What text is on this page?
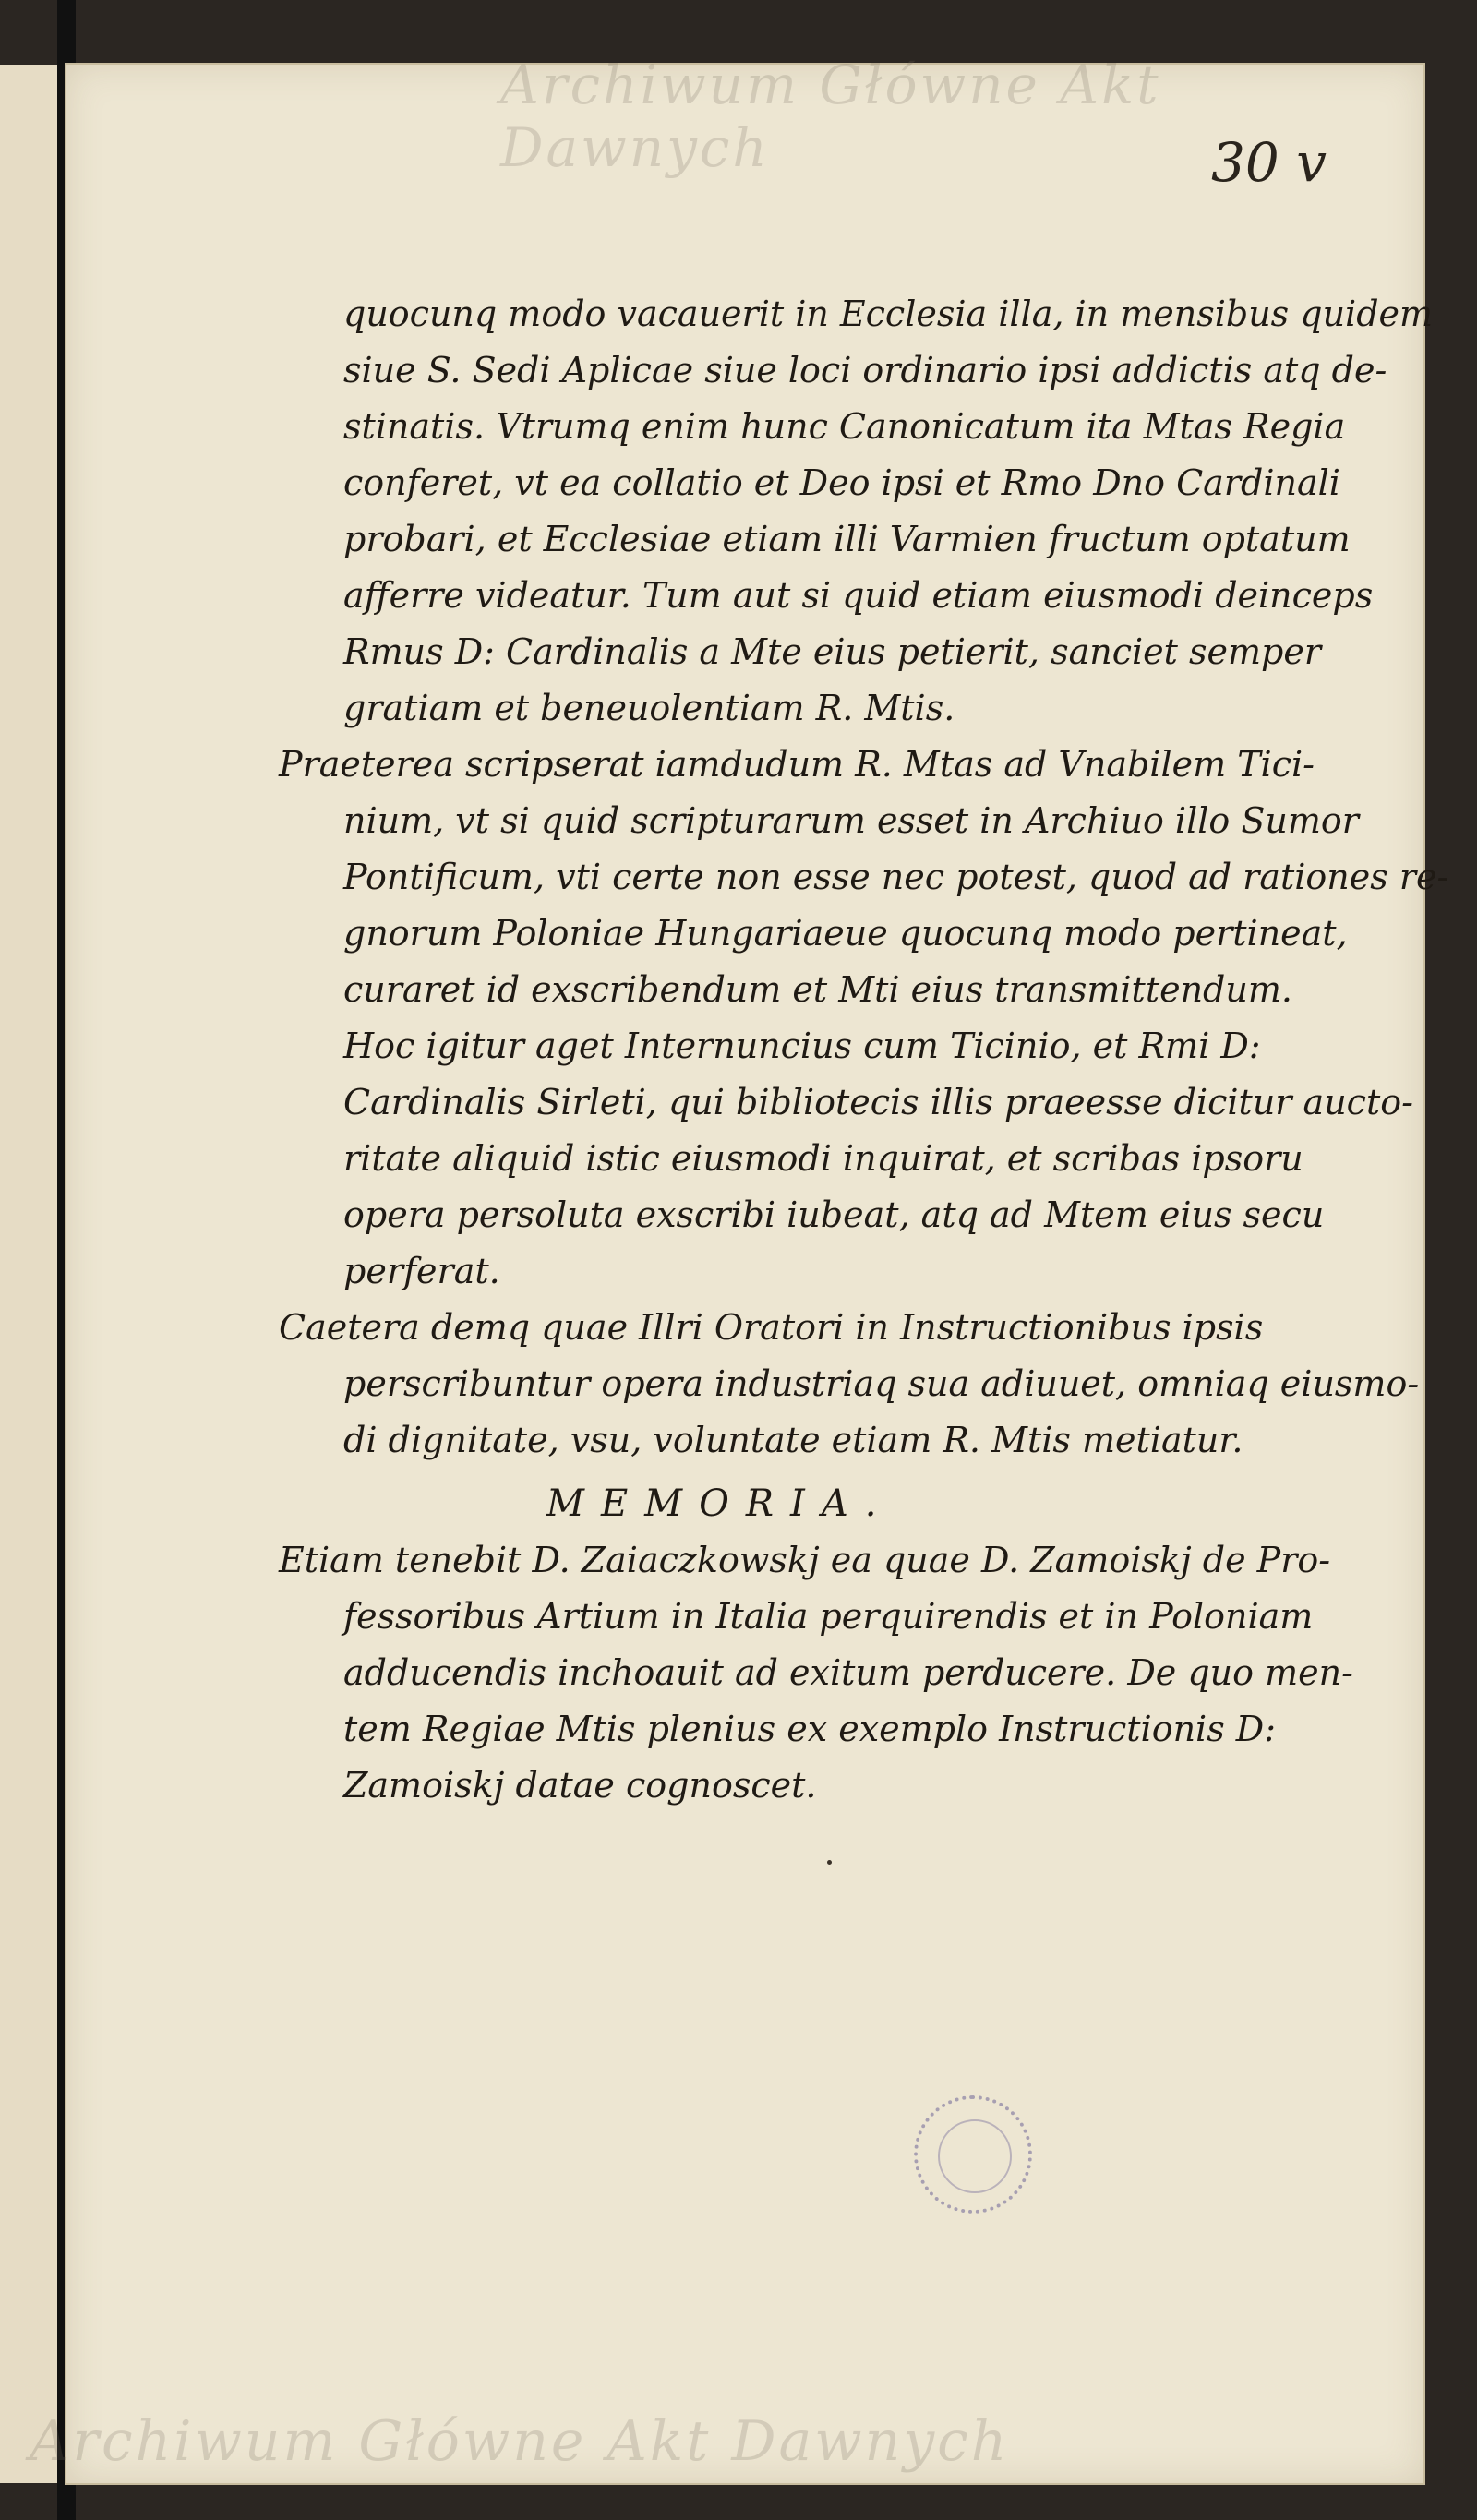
Archiwum Główne Akt Dawnych	30 v
quocunq modo vacauerit in Ecclesia illa, in mensibus quidem
siue S. Sedi Aplicae siue loci ordinario ipsi addictis atq de-
stinatis. Vtrumq enim hunc Canonicatum ita Mtas Regia
conferet, vt ea collatio et Deo ipsi et Rmo Dno Cardinali
probari, et Ecclesiae etiam illi Varmien fructum optatum
afferre videatur. Tum aut si quid etiam eiusmodi deinceps
Rmus D: Cardinalis a Mte eius petierit, sanciet semper
gratiam et beneuolentiam R. Mtis.
Praeterea scripserat iamdudum R. Mtas ad Vnabilem Tici-
nium, vt si quid scripturarum esset in Archiuo illo Sumor
Pontificum, vti certe non esse nec potest, quod ad rationes re-
gnorum Poloniae Hungariaeue quocunq modo pertineat,
curaret id exscribendum et Mti eius transmittendum.
Hoc igitur aget Internuncius cum Ticinio, et Rmi D:
Cardinalis Sirleti, qui bibliotecis illis praeesse dicitur aucto-
ritate aliquid istic eiusmodi inquirat, et scribas ipsoru
opera persoluta exscribi iubeat, atq ad Mtem eius secu
perferat.
Caetera demq quae Illri Oratori in Instructionibus ipsis
perscribuntur opera industriaq sua adiuuet, omniaq eiusmo-
di dignitate, vsu, voluntate etiam R. Mtis metiatur.
MEMORIA.
Etiam tenebit D. Zaiaczkowskj ea quae D. Zamoiskj de Pro-
fessoribus Artium in Italia perquirendis et in Poloniam
adducendis inchoauit ad exitum perducere. De quo men-
tem Regiae Mtis plenius ex exemplo Instructionis D:
Zamoiskj datae cognoscet.
Archiwum Główne Akt Dawnych
